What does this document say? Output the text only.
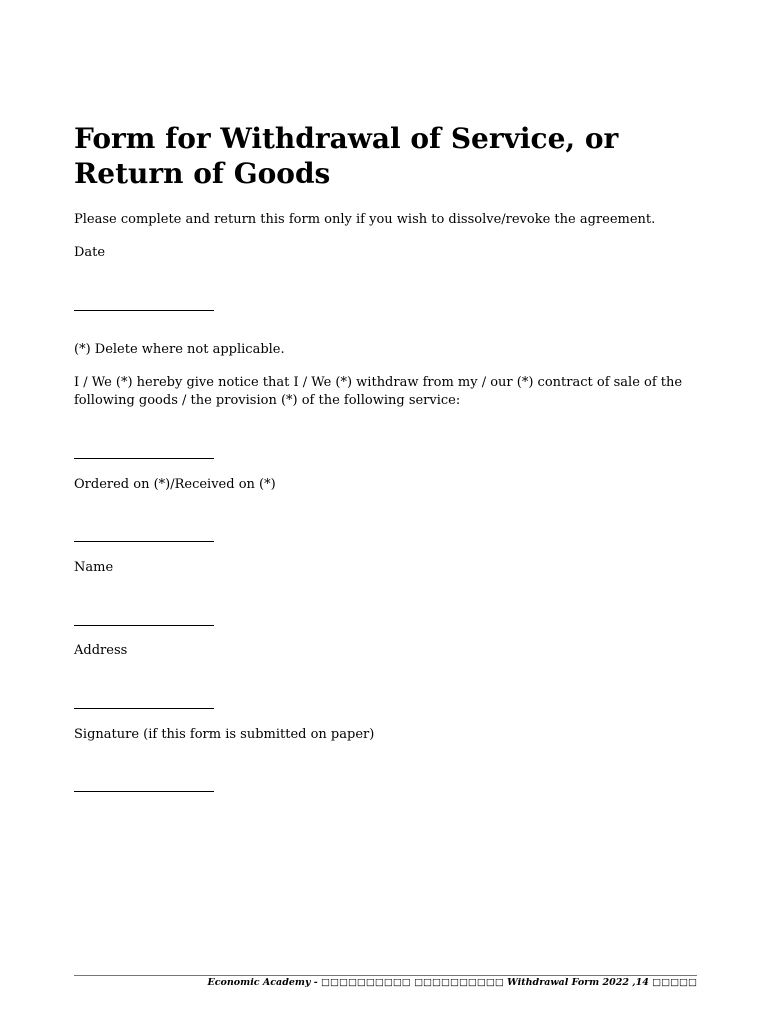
Form for Withdrawal of Service, or Return of Goods

Please complete and return this form only if you wish to dissolve/revoke the agreement.

Date

(*) Delete where not applicable.

I / We (*) hereby give notice that I / We (*) withdraw from my / our (*) contract of sale of the following goods / the provision (*) of the following service:

Ordered on (*)/Received on (*)

Name

Address

Signature (if this form is submitted on paper)

Economic Academy - □□□□□□□□□□ □□□□□□□□□□ Withdrawal Form 2022 ,14 □□□□□
